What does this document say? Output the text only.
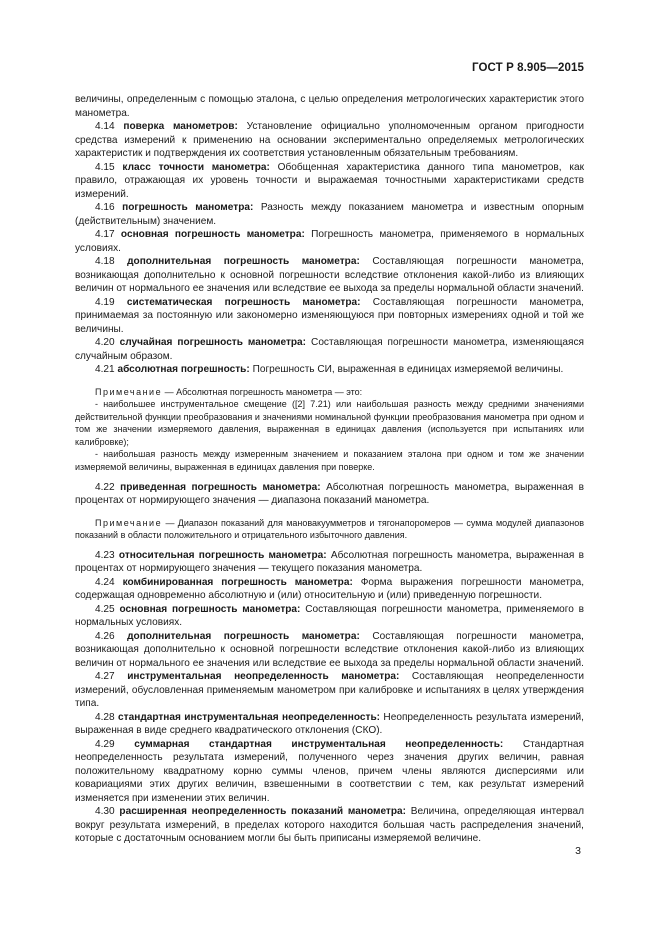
ГОСТ Р 8.905—2015

величины, определенным с помощью эталона, с целью определения метрологических характеристик этого манометра.

4.14 поверка манометров: Установление официально уполномоченным органом пригодности средства измерений к применению на основании экспериментально определяемых метрологических характеристик и подтверждения их соответствия установленным обязательным требованиям.

4.15 класс точности манометра: Обобщенная характеристика данного типа манометров, как правило, отражающая их уровень точности и выражаемая точностными характеристиками средств измерений.

4.16 погрешность манометра: Разность между показанием манометра и известным опорным (действительным) значением.

4.17 основная погрешность манометра: Погрешность манометра, применяемого в нормальных условиях.

4.18 дополнительная погрешность манометра: Составляющая погрешности манометра, возникающая дополнительно к основной погрешности вследствие отклонения какой-либо из влияющих величин от нормального ее значения или вследствие ее выхода за пределы нормальной области значений.

4.19 систематическая погрешность манометра: Составляющая погрешности манометра, принимаемая за постоянную или закономерно изменяющуюся при повторных измерениях одной и той же величины.

4.20 случайная погрешность манометра: Составляющая погрешности манометра, изменяющаяся случайным образом.

4.21 абсолютная погрешность: Погрешность СИ, выраженная в единицах измеряемой величины.

Примечание — Абсолютная погрешность манометра — это:
- наибольшее инструментальное смещение ([2] 7.21) или наибольшая разность между средними значениями действительной функции преобразования и значениями номинальной функции преобразования манометра при одном и том же значении измеряемого давления, выраженная в единицах давления (используется при испытаниях или калибровке);
- наибольшая разность между измеренным значением и показанием эталона при одном и том же значении измеряемой величины, выраженная в единицах давления при поверке.

4.22 приведенная погрешность манометра: Абсолютная погрешность манометра, выраженная в процентах от нормирующего значения — диапазона показаний манометра.

Примечание — Диапазон показаний для мановакуумметров и тягонапоромеров — сумма модулей диапазонов показаний в области положительного и отрицательного избыточного давления.

4.23 относительная погрешность манометра: Абсолютная погрешность манометра, выраженная в процентах от нормирующего значения — текущего показания манометра.

4.24 комбинированная погрешность манометра: Форма выражения погрешности манометра, содержащая одновременно абсолютную и (или) относительную и (или) приведенную погрешности.

4.25 основная погрешность манометра: Составляющая погрешности манометра, применяемого в нормальных условиях.

4.26 дополнительная погрешность манометра: Составляющая погрешности манометра, возникающая дополнительно к основной погрешности вследствие отклонения какой-либо из влияющих величин от нормального ее значения или вследствие ее выхода за пределы нормальной области значений.

4.27 инструментальная неопределенность манометра: Составляющая неопределенности измерений, обусловленная применяемым манометром при калибровке и испытаниях в целях утверждения типа.

4.28 стандартная инструментальная неопределенность: Неопределенность результата измерений, выраженная в виде среднего квадратического отклонения (СКО).

4.29 суммарная стандартная инструментальная неопределенность: Стандартная неопределенность результата измерений, полученного через значения других величин, равная положительному квадратному корню суммы членов, причем члены являются дисперсиями или ковариациями этих других величин, взвешенными в соответствии с тем, как результат измерений изменяется при изменении этих величин.

4.30 расширенная неопределенность показаний манометра: Величина, определяющая интервал вокруг результата измерений, в пределах которого находится большая часть распределения значений, которые с достаточным основанием могли бы быть приписаны измеряемой величине.

3
